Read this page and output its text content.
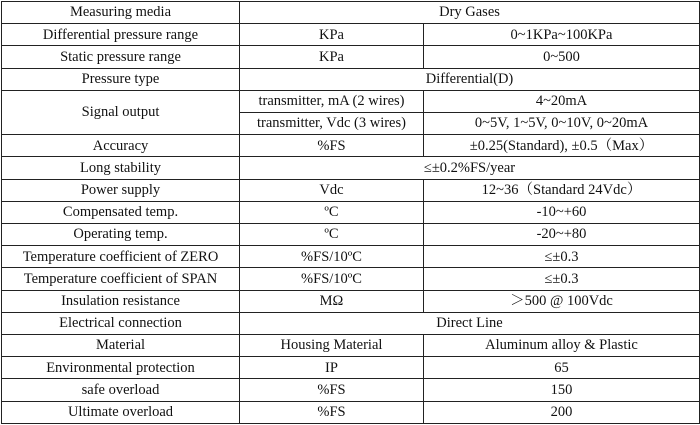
Measuring media	Dry Gases	
Differential pressure range	KPa	0~1KPa~100KPa
Static pressure range	KPa	0~500
Pressure type	Differential(D)	
Signal output	transmitter, mA (2 wires)	4~20mA
	transmitter, Vdc (3 wires)	0~5V, 1~5V, 0~10V, 0~20mA
Accuracy	%FS	±0.25(Standard), ±0.5（Max）
Long stability	≤±0.2%FS/year	
Power supply	Vdc	12~36（Standard 24Vdc）
Compensated temp.	ºC	-10~+60
Operating temp.	ºC	-20~+80
Temperature coefficient of ZERO	%FS/10ºC	≤±0.3
Temperature coefficient of SPAN	%FS/10ºC	≤±0.3
Insulation resistance	MΩ	＞500 @ 100Vdc
Electrical connection	Direct Line	
Material	Housing Material	Aluminum alloy & Plastic
Environmental protection	IP	65
safe overload	%FS	150
Ultimate overload	%FS	200
